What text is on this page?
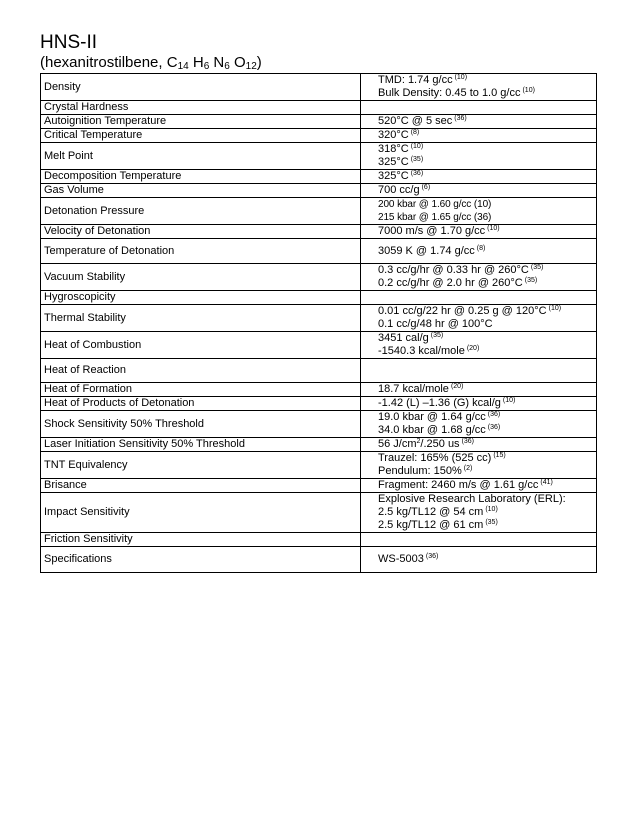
HNS-II
(hexanitrostilbene, $C_{14}$ $H_6$ $N_6$ $O_{12}$)
Density	TMD: 1.74 g/cc $^{(10)}$
Bulk Density: 0.45 to 1.0 g/cc $^{(10)}$

Crystal Hardness	
Autoignition Temperature	520°C @ 5 sec $^{(36)}$

Critical Temperature	320°C $^{(8)}$

Melt Point	318°C $^{(10)}$
325°C $^{(35)}$

Decomposition Temperature	325°C $^{(36)}$

Gas Volume	700 cc/g $^{(6)}$

Detonation Pressure	200 kbar @ 1.60 g/cc (10)
215 kbar @ 1.65 g/cc (36)

Velocity of Detonation	7000 m/s @ 1.70 g/cc $^{(10)}$

Temperature of Detonation	3059 K @ 1.74 g/cc $^{(8)}$

Vacuum Stability	0.3 cc/g/hr @ 0.33 hr @ 260°C $^{(35)}$
0.2 cc/g/hr @ 2.0 hr @ 260°C $^{(35)}$

Hygroscopicity	
Thermal Stability	0.01 cc/g/22 hr @ 0.25 g @ 120°C $^{(10)}$
0.1 cc/g/48 hr @ 100°C

Heat of Combustion	3451 cal/g $^{(35)}$
-1540.3 kcal/mole $^{(20)}$

Heat of Reaction	
Heat of Formation	18.7 kcal/mole $^{(20)}$

Heat of Products of Detonation	-1.42 (L) –1.36 (G) kcal/g $^{(10)}$

Shock Sensitivity 50% Threshold	19.0 kbar @ 1.64 g/cc $^{(36)}$
34.0 kbar @ 1.68 g/cc $^{(36)}$

Laser Initiation Sensitivity 50% Threshold	56 $J/cm^2/.250$ us $^{(36)}$

TNT Equivalency	Trauzel: 165% (525 cc) $^{(15)}$
Pendulum: 150% $^{(2)}$

Brisance	Fragment: 2460 m/s @ 1.61 g/cc $^{(41)}$

Impact Sensitivity	Explosive Research Laboratory (ERL):
2.5 kg/TL12 @ 54 cm $^{(10)}$
2.5 kg/TL12 @ 61 cm $^{(35)}$

Friction Sensitivity	
Specifications	WS-5003 $^{(36)}$
